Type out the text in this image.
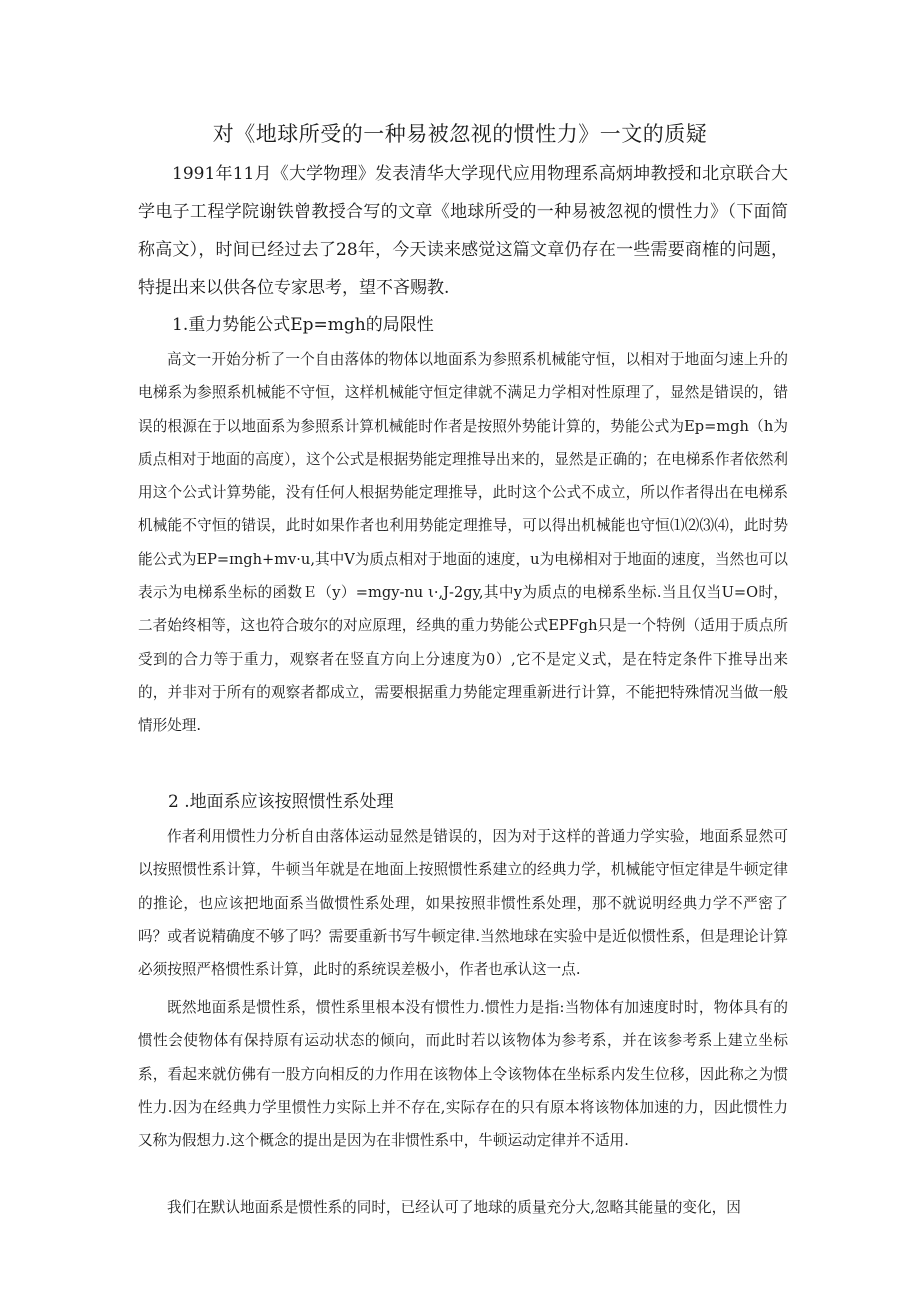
对《地球所受的一种易被忽视的惯性力》一文的质疑
1991年11月《大学物理》发表清华大学现代应用物理系高炳坤教授和北京联合大学电子工程学院谢铁曾教授合写的文章《地球所受的一种易被忽视的惯性力》（下面简称高文），时间已经过去了28年，今天读来感觉这篇文章仍存在一些需要商榷的问题，特提出来以供各位专家思考，望不吝赐教.
1.重力势能公式Ep=mgh的局限性
高文一开始分析了一个自由落体的物体以地面系为参照系机械能守恒，以相对于地面匀速上升的电梯系为参照系机械能不守恒，这样机械能守恒定律就不满足力学相对性原理了，显然是错误的，错误的根源在于以地面系为参照系计算机械能时作者是按照外势能计算的，势能公式为Ep=mgh（h为质点相对于地面的高度），这个公式是根据势能定理推导出来的，显然是正确的；在电梯系作者依然利用这个公式计算势能，没有任何人根据势能定理推导，此时这个公式不成立，所以作者得出在电梯系机械能不守恒的错误，此时如果作者也利用势能定理推导，可以得出机械能也守恒⑴⑵⑶⑷，此时势能公式为EP=ɪngh+mv·u,其中V为质点相对于地面的速度，u为电梯相对于地面的速度，当然也可以表示为电梯系坐标的函数Ｅ（y）=mgy-nu ι·,J-2gy,其中y为质点的电梯系坐标.当且仅当U=O时，二者始终相等，这也符合玻尔的对应原理，经典的重力势能公式EPFgh只是一个特例（适用于质点所受到的合力等于重力，观察者在竖直方向上分速度为0）,它不是定义式，是在特定条件下推导出来的，并非对于所有的观察者都成立，需要根据重力势能定理重新进行计算，不能把特殊情况当做一般情形处理.
2 .地面系应该按照惯性系处理
作者利用惯性力分析自由落体运动显然是错误的，因为对于这样的普通力学实验，地面系显然可以按照惯性系计算，牛顿当年就是在地面上按照惯性系建立的经典力学，机械能守恒定律是牛顿定律的推论，也应该把地面系当做惯性系处理，如果按照非惯性系处理，那不就说明经典力学不严密了吗？或者说精确度不够了吗？需要重新书写牛顿定律.当然地球在实验中是近似惯性系，但是理论计算必须按照严格惯性系计算，此时的系统误差极小，作者也承认这一点.
既然地面系是惯性系，惯性系里根本没有惯性力.惯性力是指:当物体有加速度时时，物体具有的惯性会使物体有保持原有运动状态的倾向，而此时若以该物体为参考系，并在该参考系上建立坐标系，看起来就仿佛有一股方向相反的力作用在该物体上令该物体在坐标系内发生位移，因此称之为惯性力.因为在经典力学里惯性力实际上并不存在,实际存在的只有原本将该物体加速的力，因此惯性力又称为假想力.这个概念的提出是因为在非惯性系中，牛顿运动定律并不适用.
我们在默认地面系是惯性系的同时，已经认可了地球的质量充分大,忽略其能量的变化，因
